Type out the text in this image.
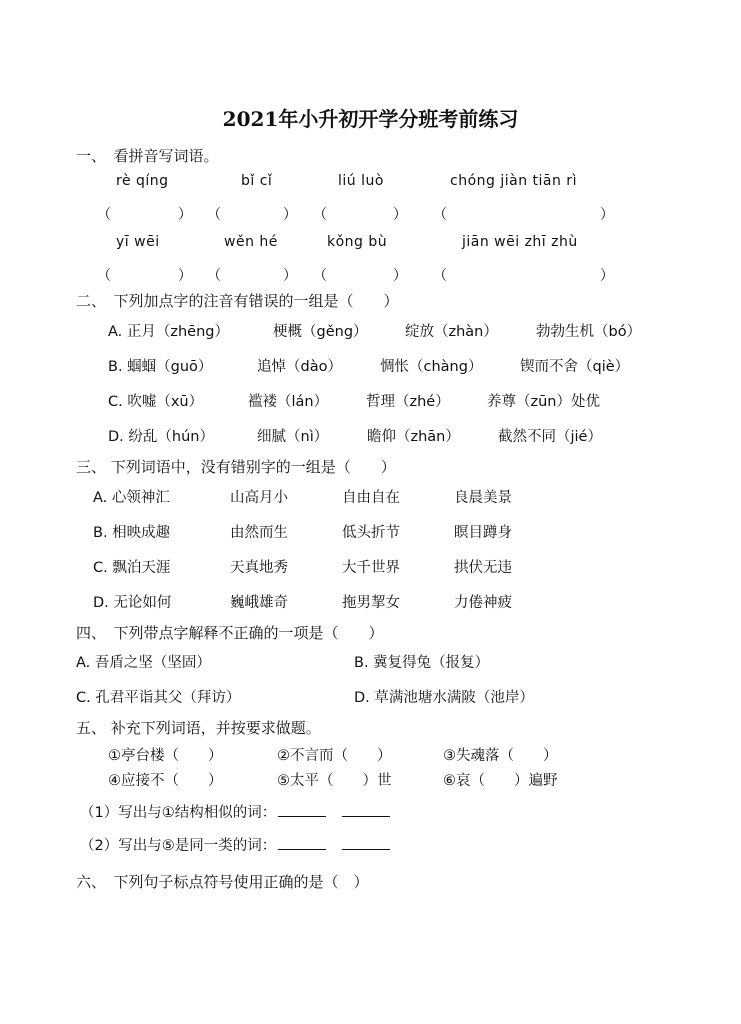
2021年小升初开学分班考前练习
一、　看拼音写词语。
rè qíng	bǐ cǐ	liú luò	chóng jiàn tiān rì
（	） （	） （	） （	）
yī wēi	wěn hé	kǒng bù	jiān wēi zhī zhù
（	） （	） （	） （	）
二、　下列加点字的注音有错误的一组是（　　）
A. 正月（zhēng）	梗概（gěng）	绽放（zhàn）	勃勃生机（bó）
B. 蝈蝈（guō）	追悼（dào）	惆怅（chàng）	锲而不舍（qiè）
C. 吹嘘（xū）	褴褛（lán）	哲理（zhé）	养尊（zūn）处优
D. 纷乱（hún）	细腻（nì）	瞻仰（zhān）	截然不同（jié）
三、 下列词语中，没有错别字的一组是（　　）
A. 心领神汇	山高月小	自由自在	良晨美景
B. 相映成趣	由然而生	低头折节	瞑目蹲身
C. 飘泊天涯	天真地秀	大千世界	拱伏无违
D. 无论如何	巍峨雄奇	拖男挈女	力倦神疲
四、　下列带点字解释不正确的一项是（　　）
A. 吾盾之坚（坚固）	B. 冀复得兔（报复）
C. 孔君平诣其父（拜访）	D. 草满池塘水满陂（池岸）
五、 补充下列词语，并按要求做题。
①亭台楼（　　）	②不言而（　　）	③失魂落（　　）
④应接不（　　）	⑤太平（　　）世	⑥哀（　　）遍野
（1）写出与①结构相似的词：
（2）写出与⑤是同一类的词：
六、　下列句子标点符号使用正确的是（　）
